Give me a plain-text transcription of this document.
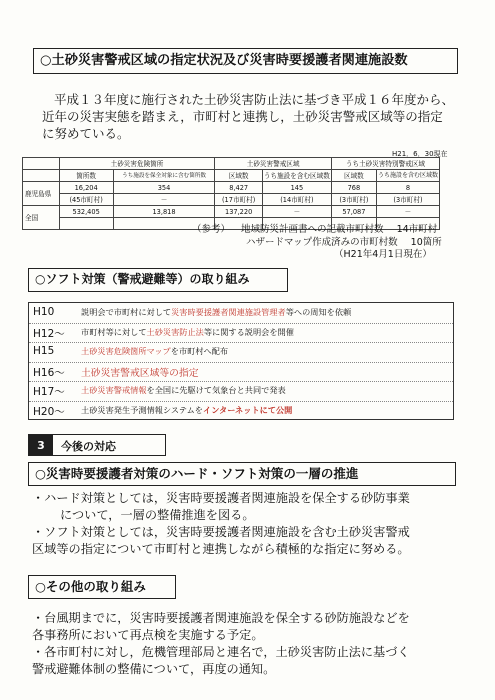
○土砂災害警戒区域の指定状況及び災害時要援護者関連施設数
平成１３年度に施行された土砂災害防止法に基づき平成１６年度から、
近年の災害実態を踏まえ，市町村と連携し，土砂災害警戒区域等の指定
に努めている。
H21．6．30現在
	土砂災害危険箇所		土砂災害警戒区域		うち土砂災害特別警戒区域	
	箇所数	うち施設を保全対象に含む箇所数	区域数	うち施設を含む区域数	区域数	うち施設を含む区域数
鹿児島県	16,204	354	8,427	145	768	8
	(45市町村)	－	(17市町村)	(14市町村)	(3市町村)	(3市町村)
全国	532,405	13,818	137,220	－	57,087	－

（参考） 地域防災計画書への記載市町村数 14市町村
ハザードマップ作成済みの市町村数 10箇所
（H21年4月1日現在）
○ソフト対策（警戒避難等）の取り組み
H10	説明会で市町村に対して災害時要援護者関連施設管理者等への周知を依頼
H12～ 市町村等に対して土砂災害防止法等に関する説明会を開催
H15	土砂災害危険箇所マップを市町村へ配布
H16～ 土砂災害警戒区域等の指定
H17～ 土砂災害警戒情報を全国に先駆けて気象台と共同で発表
H20～ 土砂災害発生予測情報システムをインターネットにて公開
3	今後の対応
○災害時要援護者対策のハード・ソフト対策の一層の推進
・ハード対策としては，災害時要援護者関連施設を保全する砂防事業
について，一層の整備推進を図る。
・ソフト対策としては，災害時要援護者関連施設を含む土砂災害警戒
区域等の指定について市町村と連携しながら積極的な指定に努める。
○その他の取り組み
・台風期までに，災害時要援護者関連施設を保全する砂防施設などを
各事務所において再点検を実施する予定。
・各市町村に対し，危機管理部局と連名で，土砂災害防止法に基づく
警戒避難体制の整備について，再度の通知。
